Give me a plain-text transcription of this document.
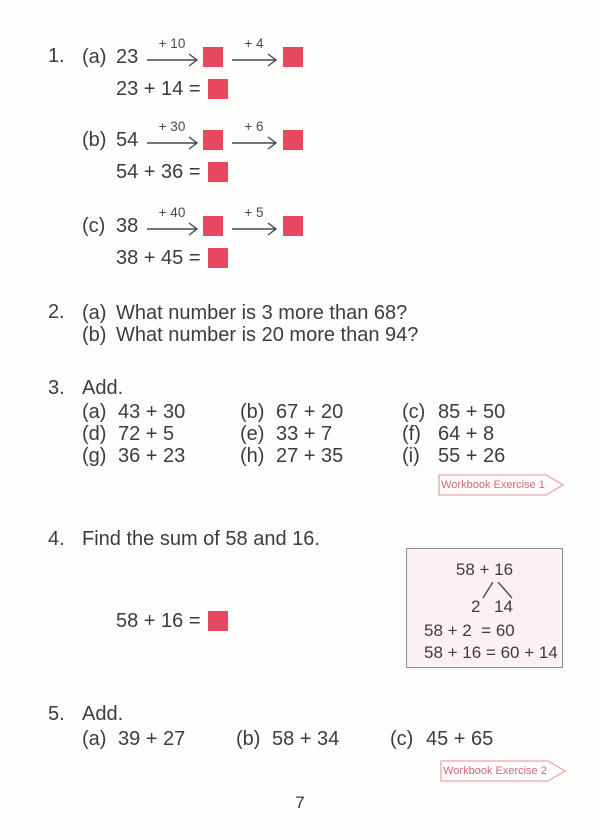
1. (a) 23
+ 10	+ 4
23 + 14 =
(b) 54
+ 30	+ 6
54 + 36 =
(c) 38
+ 40	+ 5
38 + 45 =
2. (a) What number is 3 more than 68?
(b) What number is 20 more than 94?
3. Add.
(a) 43 + 30	(b) 67 + 20	(c) 85 + 50
(d) 72 + 5	(e) 33 + 7	(f) 64 + 8
(g) 36 + 23	(h) 27 + 35	(i) 55 + 26
Workbook Exercise 1
4. Find the sum of 58 and 16.
58 + 16 =
58 + 16
2 14
58 + 2  = 60
58 + 16 = 60 + 14
5. Add.
(a) 39 + 27	(b) 58 + 34	(c) 45 + 65
Workbook Exercise 2
7
